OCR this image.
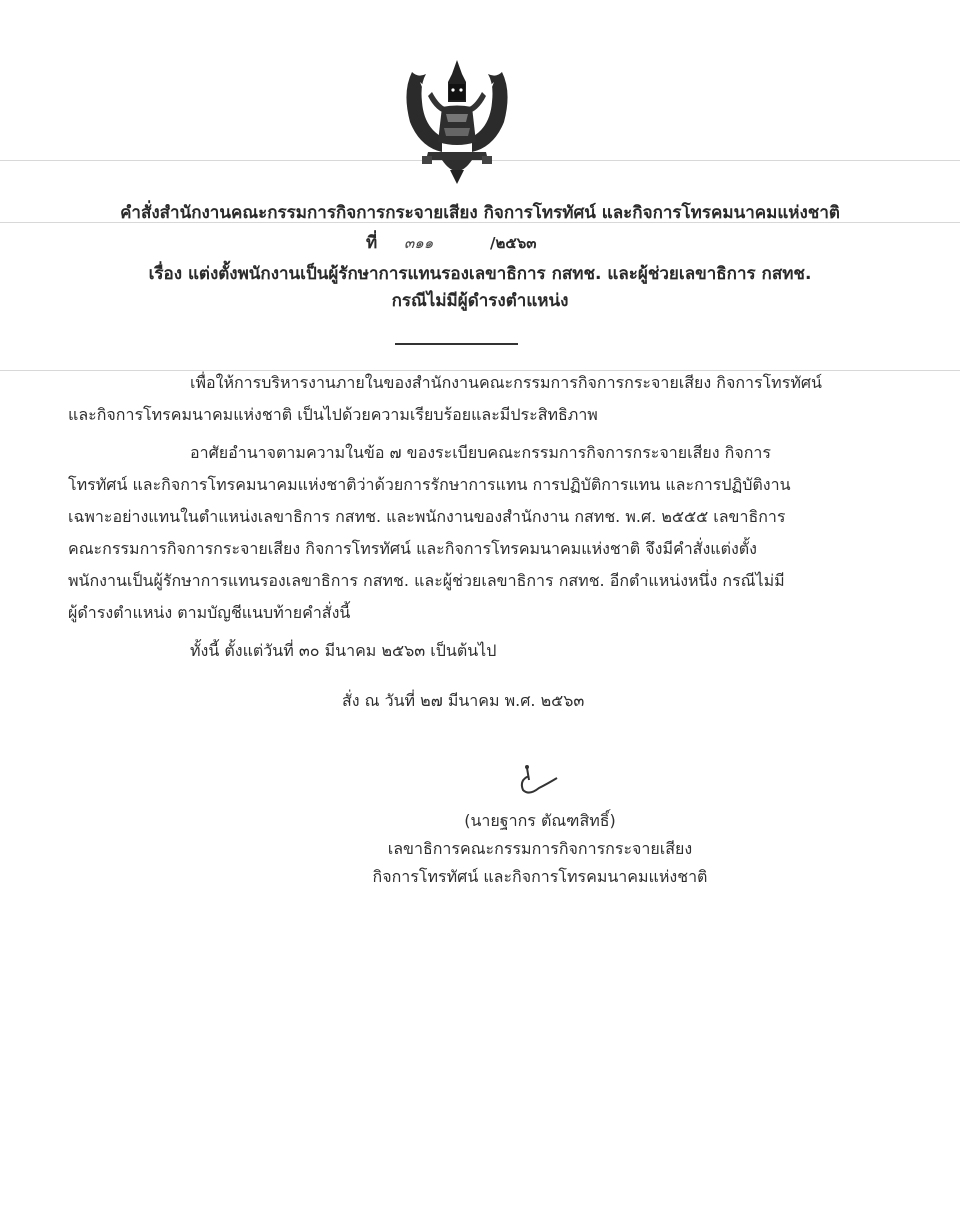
คำสั่งสำนักงานคณะกรรมการกิจการกระจายเสียง กิจการโทรทัศน์ และกิจการโทรคมนาคมแห่งชาติ
ที่ ๓๑๑	/๒๕๖๓
เรื่อง แต่งตั้งพนักงานเป็นผู้รักษาการแทนรองเลขาธิการ กสทช. และผู้ช่วยเลขาธิการ กสทช.
กรณีไม่มีผู้ดำรงตำแหน่ง
เพื่อให้การบริหารงานภายในของสำนักงานคณะกรรมการกิจการกระจายเสียง กิจการโทรทัศน์
และกิจการโทรคมนาคมแห่งชาติ เป็นไปด้วยความเรียบร้อยและมีประสิทธิภาพ
อาศัยอำนาจตามความในข้อ ๗ ของระเบียบคณะกรรมการกิจการกระจายเสียง กิจการ
โทรทัศน์ และกิจการโทรคมนาคมแห่งชาติว่าด้วยการรักษาการแทน การปฏิบัติการแทน และการปฏิบัติงาน
เฉพาะอย่างแทนในตำแหน่งเลขาธิการ กสทช. และพนักงานของสำนักงาน กสทช. พ.ศ. ๒๕๕๕ เลขาธิการ
คณะกรรมการกิจการกระจายเสียง กิจการโทรทัศน์ และกิจการโทรคมนาคมแห่งชาติ จึงมีคำสั่งแต่งตั้ง
พนักงานเป็นผู้รักษาการแทนรองเลขาธิการ กสทช. และผู้ช่วยเลขาธิการ กสทช. อีกตำแหน่งหนึ่ง กรณีไม่มี
ผู้ดำรงตำแหน่ง ตามบัญชีแนบท้ายคำสั่งนี้
ทั้งนี้ ตั้งแต่วันที่ ๓๐ มีนาคม ๒๕๖๓ เป็นต้นไป
สั่ง ณ วันที่ ๒๗ มีนาคม พ.ศ. ๒๕๖๓
(นายฐากร ตัณฑสิทธิ์)
เลขาธิการคณะกรรมการกิจการกระจายเสียง
กิจการโทรทัศน์ และกิจการโทรคมนาคมแห่งชาติ
